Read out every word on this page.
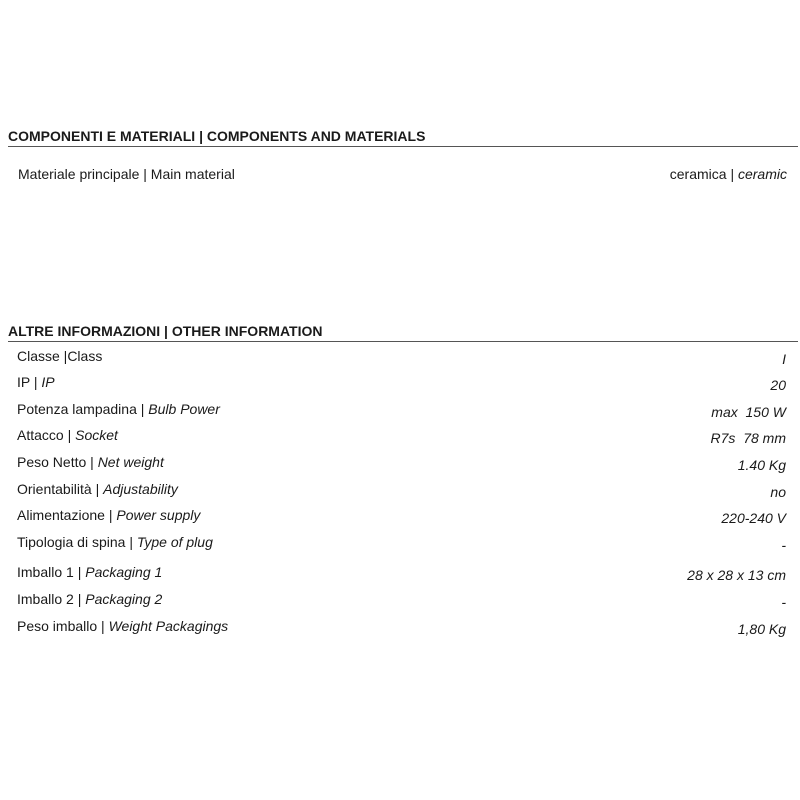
COMPONENTI E MATERIALI | COMPONENTS AND MATERIALS
Materiale principale | Main material	ceramica | ceramic
ALTRE INFORMAZIONI | OTHER INFORMATION
Classe |Class	I
IP | IP	20
Potenza lampadina | Bulb Power	max  150 W
Attacco | Socket	R7s  78 mm
Peso Netto | Net weight	1.40 Kg
Orientabilità | Adjustability	no
Alimentazione | Power supply	220-240 V
Tipologia di spina | Type of plug	-
Imballo 1 | Packaging 1	28 x 28 x 13 cm
Imballo 2 | Packaging 2	-
Peso imballo | Weight Packagings	1,80 Kg
